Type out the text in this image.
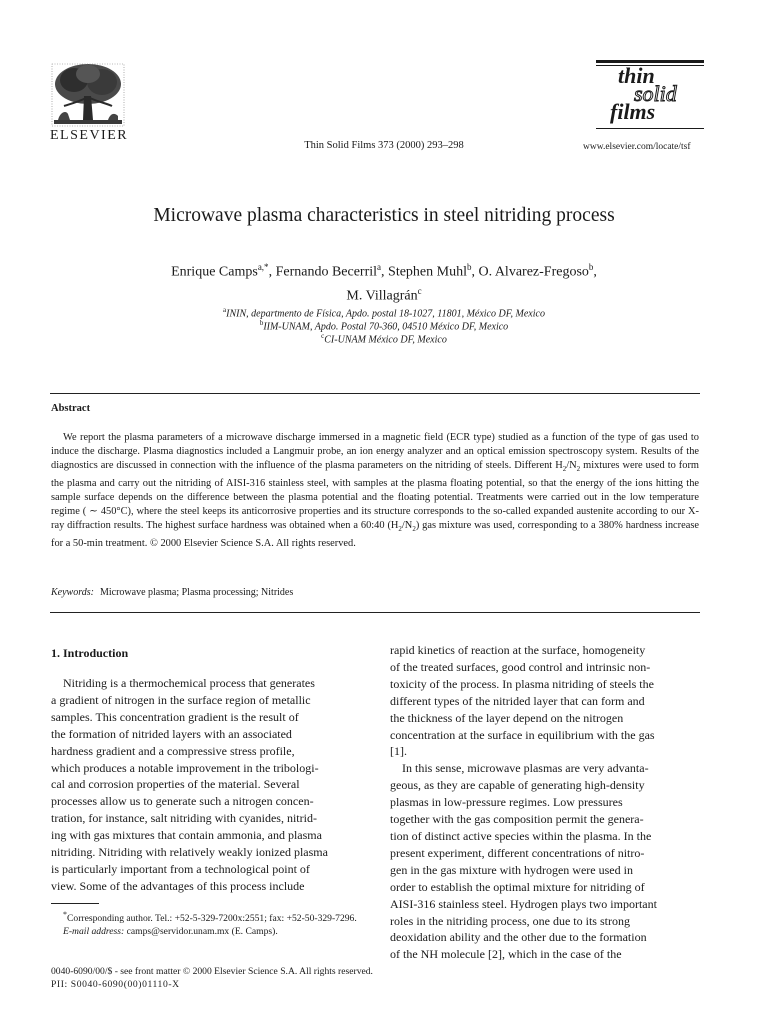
ELSEVIER
Thin Solid Films 373 (2000) 293–298
thin
solid
films
www.elsevier.com/locate/tsf
Microwave plasma characteristics in steel nitriding process
Enrique Camps$^{a,*}$, Fernando Becerril$^a$, Stephen Muhl$^b$, O. Alvarez-Fregoso$^b$,
M. Villagrán$^c$
$^a$ININ, departmento de Física, Apdo. postal 18-1027, 11801, México DF, Mexico
$^b$IIM-UNAM, Apdo. Postal 70-360, 04510 México DF, Mexico
$^c$CI-UNAM México DF, Mexico
Abstract

We report the plasma parameters of a microwave discharge immersed in a magnetic field (ECR type) studied as a function of the type of gas used to induce the discharge. Plasma diagnostics included a Langmuir probe, an ion energy analyzer and an optical emission spectroscopy system. Results of the diagnostics are discussed in connection with the influence of the plasma parameters on the nitriding of steels. Different $H_2/N_2$ mixtures were used to form the plasma and carry out the nitriding of AISI-316 stainless steel, with samples at the plasma floating potential, so that the energy of the ions hitting the sample surface depends on the difference between the plasma potential and the floating potential. Treatments were carried out in the low temperature regime ( ∼ 450°C), where the steel keeps its anticorrosive properties and its structure corresponds to the so-called expanded austenite according to our X-ray diffraction results. The highest surface hardness was obtained when a 60:40 $(H_2/N_2)$ gas mixture was used, corresponding to a 380% hardness increase for a 50-min treatment. © 2000 Elsevier Science S.A. All rights reserved.

Keywords: Microwave plasma; Plasma processing; Nitrides
1. Introduction
Nitriding is a thermochemical process that generates
a gradient of nitrogen in the surface region of metallic
samples. This concentration gradient is the result of
the formation of nitrided layers with an associated
hardness gradient and a compressive stress profile,
which produces a notable improvement in the tribologi-
cal and corrosion properties of the material. Several
processes allow us to generate such a nitrogen concen-
tration, for instance, salt nitriding with cyanides, nitrid-
ing with gas mixtures that contain ammonia, and plasma
nitriding. Nitriding with relatively weakly ionized plasma
is particularly important from a technological point of
view. Some of the advantages of this process include
rapid kinetics of reaction at the surface, homogeneity
of the treated surfaces, good control and intrinsic non-
toxicity of the process. In plasma nitriding of steels the
different types of the nitrided layer that can form and
the thickness of the layer depend on the nitrogen
concentration at the surface in equilibrium with the gas
[1].
In this sense, microwave plasmas are very advanta-
geous, as they are capable of generating high-density
plasmas in low-pressure regimes. Low pressures
together with the gas composition permit the genera-
tion of distinct active species within the plasma. In the
present experiment, different concentrations of nitro-
gen in the gas mixture with hydrogen were used in
order to establish the optimal mixture for nitriding of
AISI-316 stainless steel. Hydrogen plays two important
roles in the nitriding process, one due to its strong
deoxidation ability and the other due to the formation
of the NH molecule [2], which in the case of the

*Corresponding author. Tel.: +52-5-329-7200x:2551; fax: +52-50-329-7296.
E-mail address: camps@servidor.unam.mx (E. Camps).

0040-6090/00/$ - see front matter © 2000 Elsevier Science S.A. All rights reserved.
PII: S0040-6090(00)01110-X
